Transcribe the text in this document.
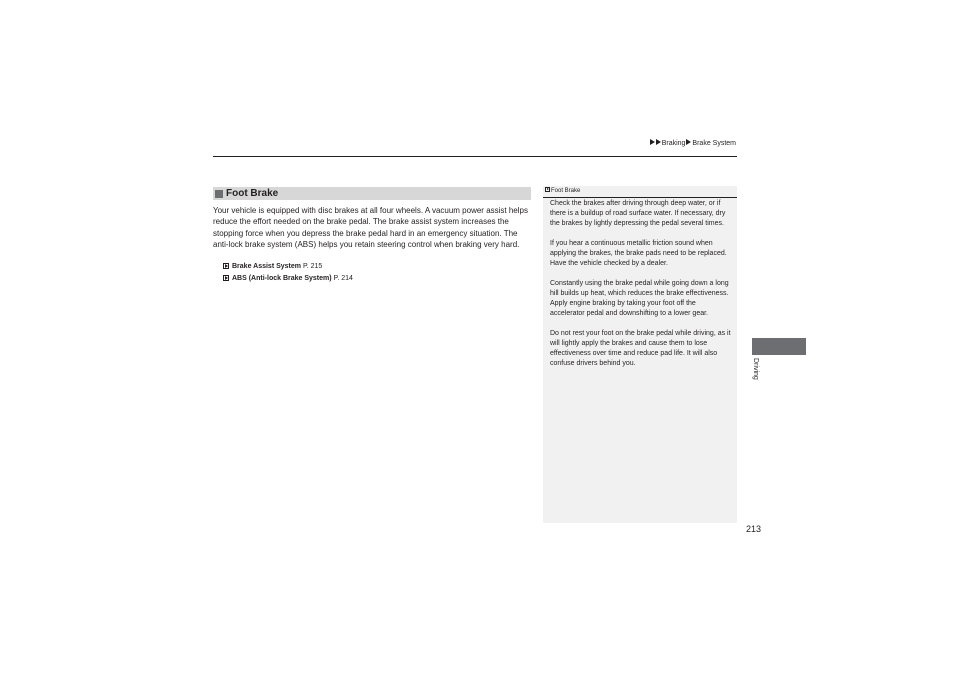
Braking Brake System
Foot Brake
Your vehicle is equipped with disc brakes at all four wheels. A vacuum power assist helps reduce the effort needed on the brake pedal. The brake assist system increases the stopping force when you depress the brake pedal hard in an emergency situation. The anti-lock brake system (ABS) helps you retain steering control when braking very hard.
Brake Assist System P. 215
ABS (Anti-lock Brake System) P. 214
Foot Brake

Check the brakes after driving through deep water, or if there is a buildup of road surface water. If necessary, dry the brakes by lightly depressing the pedal several times.

If you hear a continuous metallic friction sound when applying the brakes, the brake pads need to be replaced. Have the vehicle checked by a dealer.

Constantly using the brake pedal while going down a long hill builds up heat, which reduces the brake effectiveness. Apply engine braking by taking your foot off the accelerator pedal and downshifting to a lower gear.

Do not rest your foot on the brake pedal while driving, as it will lightly apply the brakes and cause them to lose effectiveness over time and reduce pad life. It will also confuse drivers behind you.	Driving
213
